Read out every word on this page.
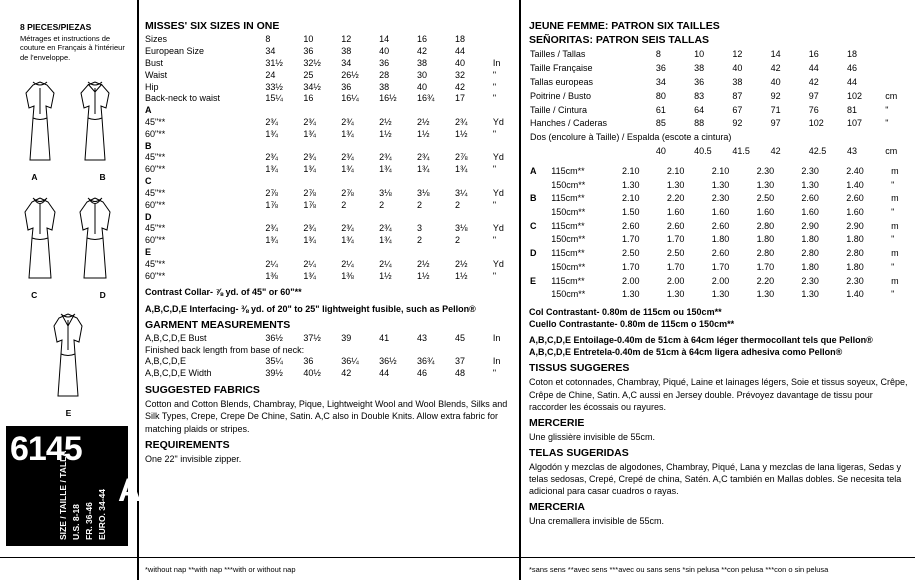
8 PIECES/PIEZAS
Métrages et instructions de couture en Français à l'intérieur de l'enveloppe.
A B
C D
E
6145
SIZE / TAILLE / TALLA U.S. 8-18 FR. 36-46 EURO. 34-44 A
MISSES' SIX SIZES IN ONE
Sizes	8	10	12	14	16	18	
European Size	34	36	38	40	42	44	
Bust	31½	32½	34	36	38	40	In
Waist	24	25	26½	28	30	32	"
Hip	33½	34½	36	38	40	42	"
Back-neck to waist	15¼	16	16¼	16½	16¾	17	"
A
45"**	2¾	2¾	2¾	2½	2½	2¾	Yd
60"**	1¾	1¾	1¾	1½	1½	1½	"
B
45"**	2¾	2¾	2¾	2¾	2¾	2⅞	Yd
60"**	1¾	1¾	1¾	1¾	1¾	1¾	"
C
45"**	2⅞	2⅞	2⅞	3⅛	3⅛	3¼	Yd
60"**	1⅞	1⅞	2	2	2	2	"
D
45"**	2¾	2¾	2¾	2¾	3	3⅛	Yd
60"**	1¾	1¾	1¾	1¾	2	2	"
E
45"**	2¼	2¼	2¼	2¼	2½	2½	Yd
60"**	1⅜	1¾	1⅜	1½	1½	1½	"
Contrast Collar- ⅞ yd. of 45" or 60"**
A,B,C,D,E Interfacing- ⅜ yd. of 20" to 25" lightweight fusible, such as Pellon®
GARMENT MEASUREMENTS
A,B,C,D,E Bust	36½	37½	39	41	43	45	In
Finished back length from base of neck:							
A,B,C,D,E	35¼	36	36¼	36½	36¾	37	In
A,B,C,D,E Width	39½	40½	42	44	46	48	"
SUGGESTED FABRICS
Cotton and Cotton Blends, Chambray, Pique, Lightweight Wool and Wool Blends, Silks and Silk Types, Crepe, Crepe De Chine, Satin. A,C also in Double Knits. Allow extra fabric for matching plaids or stripes.
REQUIREMENTS
One 22" invisible zipper.
*without nap **with nap ***with or without nap
JEUNE FEMME: PATRON SIX TAILLES
SEÑORITAS: PATRON SEIS TALLAS
Tailles / Tallas	8	10	12	14	16	18	
Taille Française	36	38	40	42	44	46	
Tallas europeas	34	36	38	40	42	44	
Poitrine / Busto	80	83	87	92	97	102	cm
Taille / Cintura	61	64	67	71	76	81	"
Hanches / Caderas	85	88	92	97	102	107	"
Dos (encolure à Taille) / Espalda (escote a cintura)							
	40	40.5	41.5	42	42.5	43	cm
A	115cm**	2.10	2.10	2.10	2.30	2.30	2.40	m
	150cm**	1.30	1.30	1.30	1.30	1.30	1.40	"
B	115cm**	2.10	2.20	2.30	2.50	2.60	2.60	m
	150cm**	1.50	1.60	1.60	1.60	1.60	1.60	"
C	115cm**	2.60	2.60	2.60	2.80	2.90	2.90	m
	150cm**	1.70	1.70	1.80	1.80	1.80	1.80	"
D	115cm**	2.50	2.50	2.60	2.80	2.80	2.80	m
	150cm**	1.70	1.70	1.70	1.70	1.80	1.80	"
E	115cm**	2.00	2.00	2.00	2.20	2.30	2.30	m
	150cm**	1.30	1.30	1.30	1.30	1.30	1.40	"
Col Contrastant- 0.80m de 115cm ou 150cm**
Cuello Contrastante- 0.80m de 115cm o 150cm**
A,B,C,D,E Entoilage-0.40m de 51cm à 64cm léger thermocollant tels que Pellon®
A,B,C,D,E Entretela-0.40m de 51cm à 64cm ligera adhesiva como Pellon®
TISSUS SUGGERES
Coton et cotonnades, Chambray, Piqué, Laine et lainages légers, Soie et tissus soyeux, Crêpe, Crêpe de Chine, Satin. A,C aussi en Jersey double. Prévoyez davantage de tissu pour raccorder les écossais ou rayures.
MERCERIE
Une glissière invisible de 55cm.
TELAS SUGERIDAS
Algodón y mezclas de algodones, Chambray, Piqué, Lana y mezclas de lana ligeras, Sedas y telas sedosas, Crepé, Crepé de china, Satén. A,C también en Mallas dobles. Se necesita tela adicional para casar cuadros o rayas.
MERCERIA
Una cremallera invisible de 55cm.
*sans sens **avec sens ***avec ou sans sens *sin pelusa **con pelusa ***con o sin pelusa
